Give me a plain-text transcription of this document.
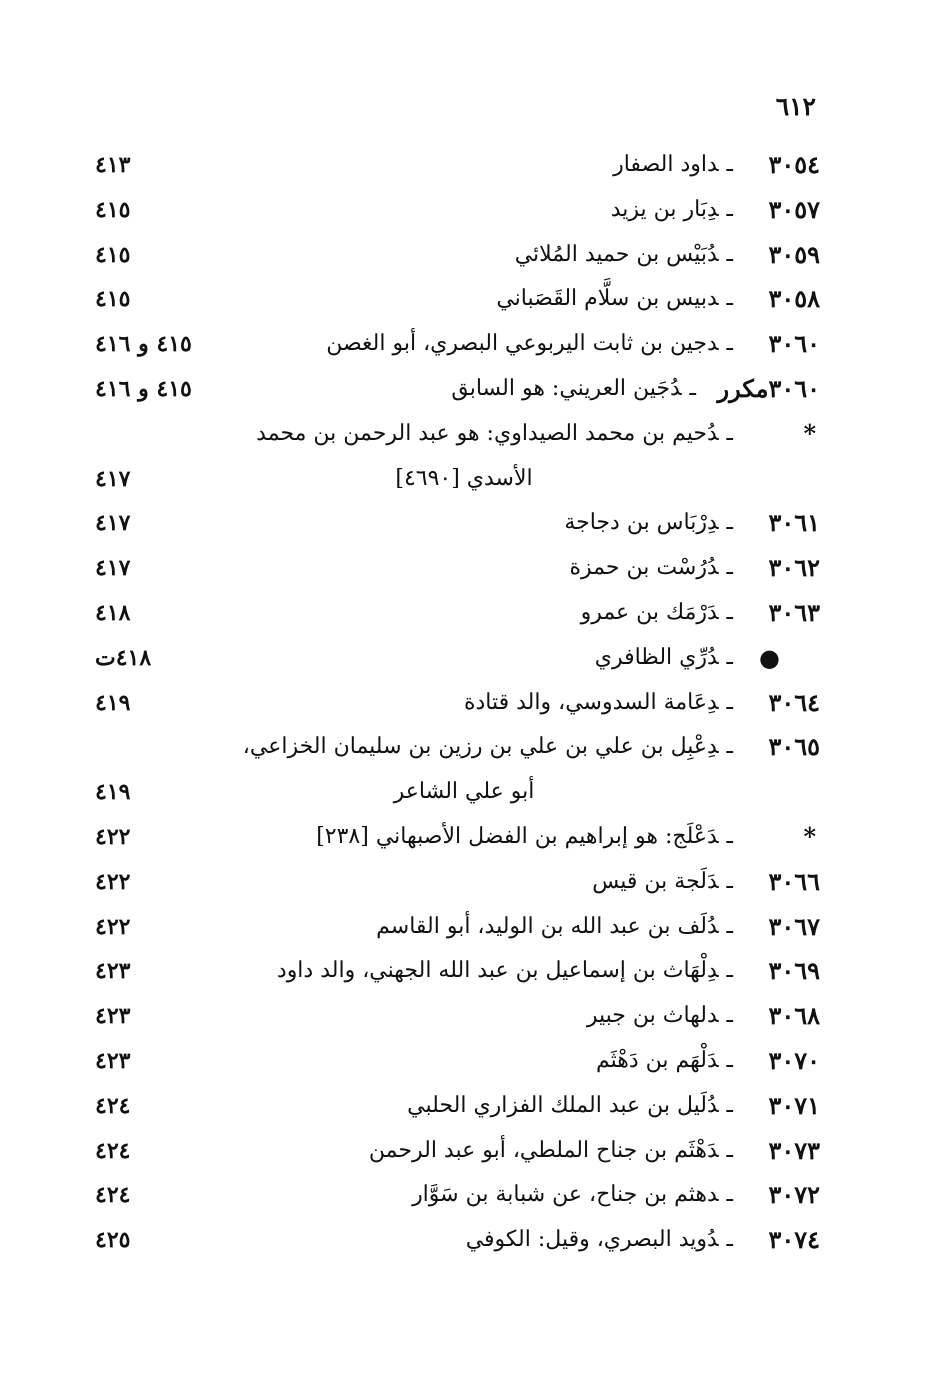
٦١٢
٣٠٥٤
ـداود الصفار
٤١٣
٣٠٥٧
ـدِبَار بن يزيد
٤١٥
٣٠٥٩
ـدُبَيْس بن حميد المُلائي
٤١٥
٣٠٥٨
ـدبيس بن سلَّام القَصَباني
٤١٥
٣٠٦٠
ـدجين بن ثابت اليربوعي البصري، أبو الغصن
٤١٥ و ٤١٦
٣٠٦٠مكرر
ـدُجَين العريني: هو السابق
٤١٥ و ٤١٦
*
ـدُحيم بن محمد الصيداوي: هو عبد الرحمن بن محمد
الأسدي [٤٦٩٠]
٤١٧
٣٠٦١
ـدِرْبَاس بن دجاجة
٤١٧
٣٠٦٢
ـدُرُسْت بن حمزة
٤١٧
٣٠٦٣
ـدَرْمَك بن عمرو
٤١٨
●
ـدُرِّي الظافري
٤١٨ت
٣٠٦٤
ـدِعَامة السدوسي، والد قتادة
٤١٩
٣٠٦٥
ـدِعْبِل بن علي بن علي بن رزين بن سليمان الخزاعي،
أبو علي الشاعر
٤١٩
*
ـدَعْلَج: هو إبراهيم بن الفضل الأصبهاني [٢٣٨]
٤٢٢
٣٠٦٦
ـدَلَجة بن قيس
٤٢٢
٣٠٦٧
ـدُلَف بن عبد الله بن الوليد، أبو القاسم
٤٢٢
٣٠٦٩
ـدِلْهَاث بن إسماعيل بن عبد الله الجهني، والد داود
٤٢٣
٣٠٦٨
ـدلهاث بن جبير
٤٢٣
٣٠٧٠
ـدَلْهَم بن دَهْثَم
٤٢٣
٣٠٧١
ـدُلَيل بن عبد الملك الفزاري الحلبي
٤٢٤
٣٠٧٣
ـدَهْثَم بن جناح الملطي، أبو عبد الرحمن
٤٢٤
٣٠٧٢
ـدهثم بن جناح، عن شبابة بن سَوَّار
٤٢٤
٣٠٧٤
ـدُويد البصري، وقيل: الكوفي
٤٢٥
